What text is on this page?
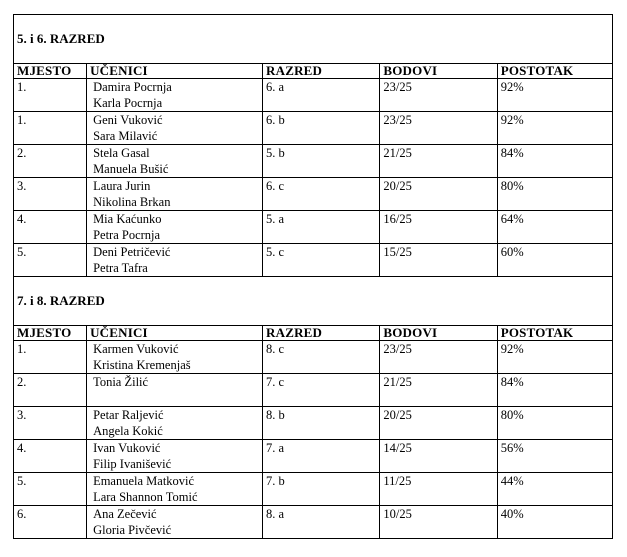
5. i 6. RAZRED				
MJESTO	UČENICI	RAZRED	BODOVI	POSTOTAK
1.	Damira Pocrnja
Karla Pocrnja	6. a	23/25	92%
1.	Geni Vuković
Sara Milavić	6. b	23/25	92%
2.	Stela Gasal
Manuela Bušić	5. b	21/25	84%
3.	Laura Jurin
Nikolina Brkan	6. c	20/25	80%
4.	Mia Kaćunko
Petra Pocrnja	5. a	16/25	64%
5.	Deni Petričević
Petra Tafra	5. c	15/25	60%
7. i 8. RAZRED				
MJESTO	UČENICI	RAZRED	BODOVI	POSTOTAK
1.	Karmen Vuković
Kristina Kremenjaš	8. c	23/25	92%
2.	Tonia Žilić	7. c	21/25	84%
3.	Petar Raljević
Angela Kokić	8. b	20/25	80%
4.	Ivan Vuković
Filip Ivanišević	7. a	14/25	56%
5.	Emanuela Matković
Lara Shannon Tomić	7. b	11/25	44%
6.	Ana Zečević
Gloria Pivčević	8. a	10/25	40%
